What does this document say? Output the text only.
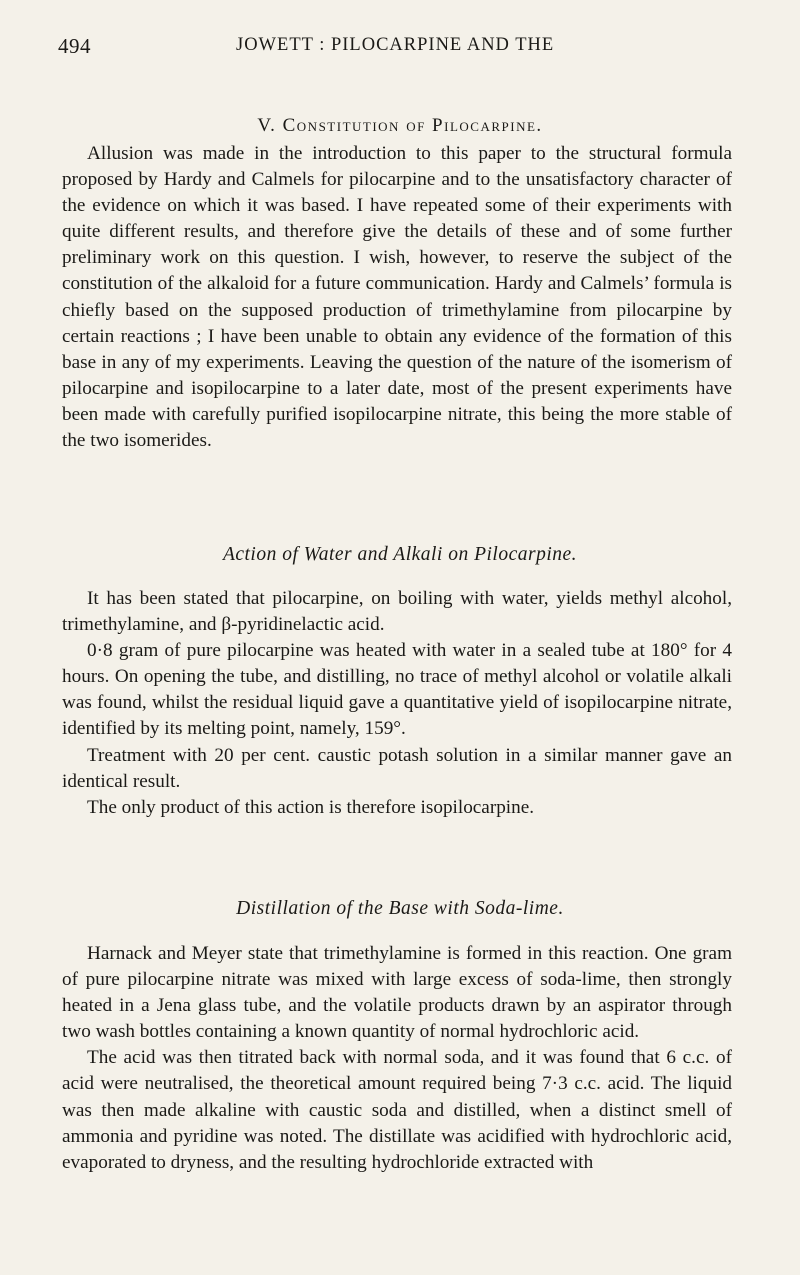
494	JOWETT : PILOCARPINE AND THE
V. Constitution of Pilocarpine.

Allusion was made in the introduction to this paper to the structural formula proposed by Hardy and Calmels for pilocarpine and to the unsatisfactory character of the evidence on which it was based. I have repeated some of their experiments with quite different results, and therefore give the details of these and of some further preliminary work on this question. I wish, however, to reserve the subject of the constitution of the alkaloid for a future communication. Hardy and Calmels’ formula is chiefly based on the supposed production of trimethylamine from pilocarpine by certain reactions ; I have been unable to obtain any evidence of the formation of this base in any of my experiments. Leaving the question of the nature of the isomerism of pilocarpine and isopilocarpine to a later date, most of the present experiments have been made with carefully purified isopilocarpine nitrate, this being the more stable of the two isomerides.

Action of Water and Alkali on Pilocarpine.

It has been stated that pilocarpine, on boiling with water, yields methyl alcohol, trimethylamine, and β-pyridinelactic acid.

0·8 gram of pure pilocarpine was heated with water in a sealed tube at 180° for 4 hours. On opening the tube, and distilling, no trace of methyl alcohol or volatile alkali was found, whilst the residual liquid gave a quantitative yield of isopilocarpine nitrate, identified by its melting point, namely, 159°.

Treatment with 20 per cent. caustic potash solution in a similar manner gave an identical result.

The only product of this action is therefore isopilocarpine.

Distillation of the Base with Soda-lime.

Harnack and Meyer state that trimethylamine is formed in this reaction. One gram of pure pilocarpine nitrate was mixed with large excess of soda-lime, then strongly heated in a Jena glass tube, and the volatile products drawn by an aspirator through two wash bottles containing a known quantity of normal hydrochloric acid.

The acid was then titrated back with normal soda, and it was found that 6 c.c. of acid were neutralised, the theoretical amount required being 7·3 c.c. acid. The liquid was then made alkaline with caustic soda and distilled, when a distinct smell of ammonia and pyridine was noted. The distillate was acidified with hydrochloric acid, evaporated to dryness, and the resulting hydrochloride extracted with
